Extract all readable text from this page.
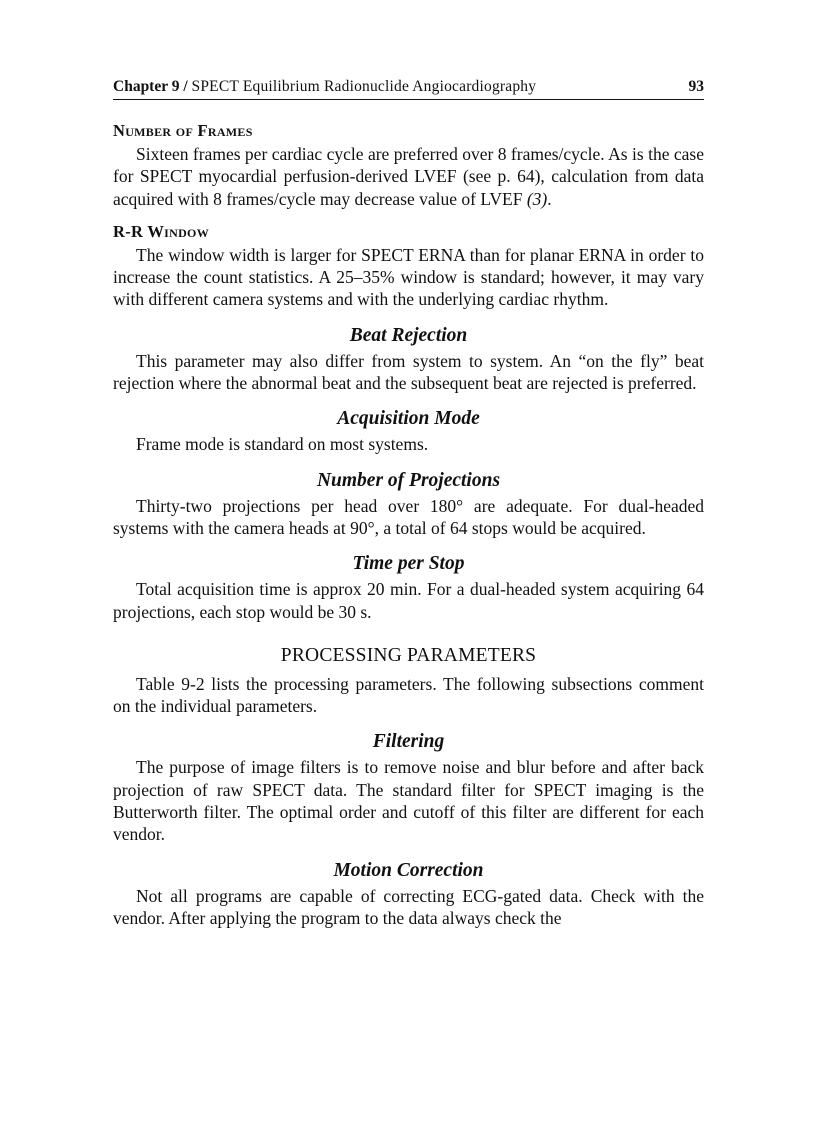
Chapter 9 / SPECT Equilibrium Radionuclide Angiocardiography	93
Number of Frames

Sixteen frames per cardiac cycle are preferred over 8 frames/cycle. As is the case for SPECT myocardial perfusion-derived LVEF (see p. 64), calculation from data acquired with 8 frames/cycle may decrease value of LVEF (3).

R-R Window

The window width is larger for SPECT ERNA than for planar ERNA in order to increase the count statistics. A 25–35% window is standard; however, it may vary with different camera systems and with the underlying cardiac rhythm.

Beat Rejection

This parameter may also differ from system to system. An “on the fly” beat rejection where the abnormal beat and the subsequent beat are rejected is preferred.

Acquisition Mode

Frame mode is standard on most systems.

Number of Projections

Thirty-two projections per head over 180° are adequate. For dual-headed systems with the camera heads at 90°, a total of 64 stops would be acquired.

Time per Stop

Total acquisition time is approx 20 min. For a dual-headed system acquiring 64 projections, each stop would be 30 s.

PROCESSING PARAMETERS

Table 9-2 lists the processing parameters. The following subsections comment on the individual parameters.

Filtering

The purpose of image filters is to remove noise and blur before and after back projection of raw SPECT data. The standard filter for SPECT imaging is the Butterworth filter. The optimal order and cutoff of this filter are different for each vendor.

Motion Correction

Not all programs are capable of correcting ECG-gated data. Check with the vendor. After applying the program to the data always check the
